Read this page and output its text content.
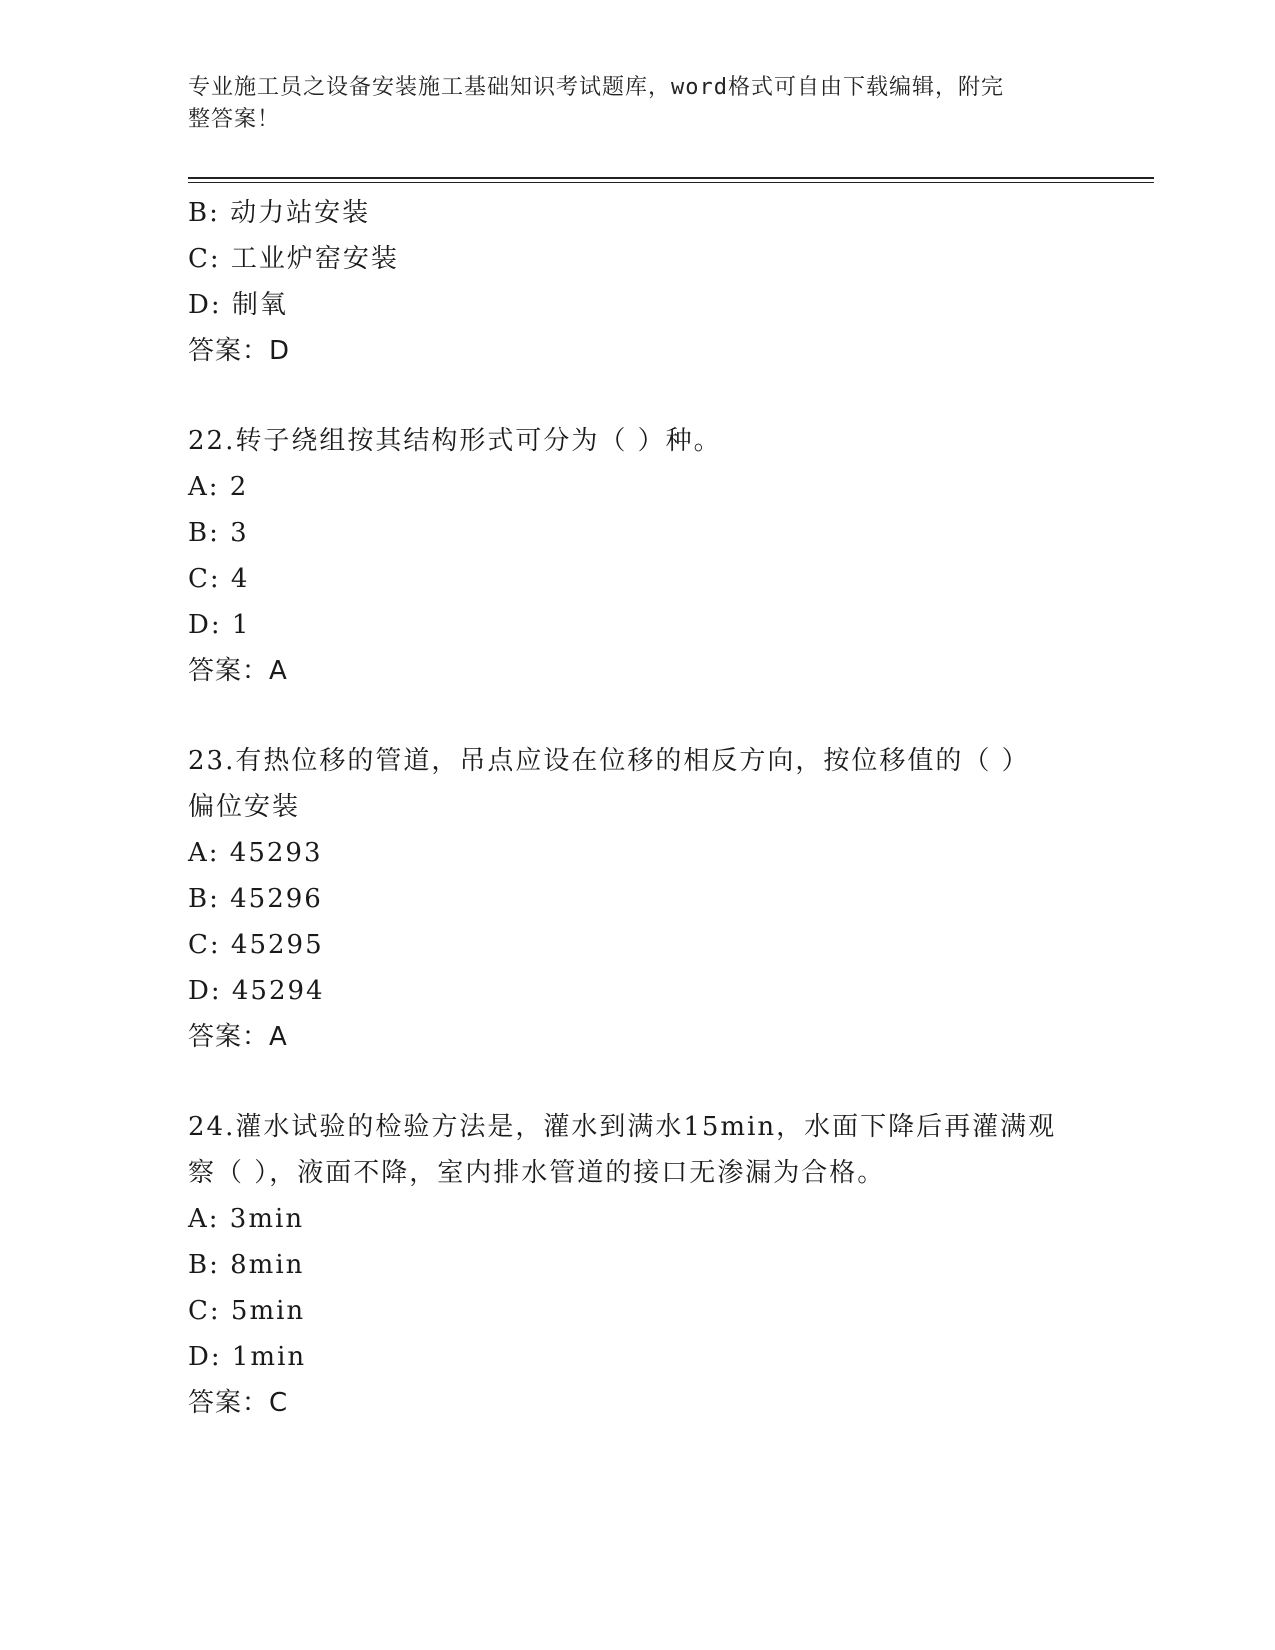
专业施工员之设备安装施工基础知识考试题库，word格式可自由下载编辑，附完
整答案！
B: 动力站安装
C: 工业炉窑安装
D: 制氧
答案：D
22.转子绕组按其结构形式可分为（ ）种。
A: 2
B: 3
C: 4
D: 1
答案：A
23.有热位移的管道，吊点应设在位移的相反方向，按位移值的（ ）
偏位安装
A: 45293
B: 45296
C: 45295
D: 45294
答案：A
24.灌水试验的检验方法是，灌水到满水15min，水面下降后再灌满观
察（ ），液面不降，室内排水管道的接口无渗漏为合格。
A: 3min
B: 8min
C: 5min
D: 1min
答案：C
